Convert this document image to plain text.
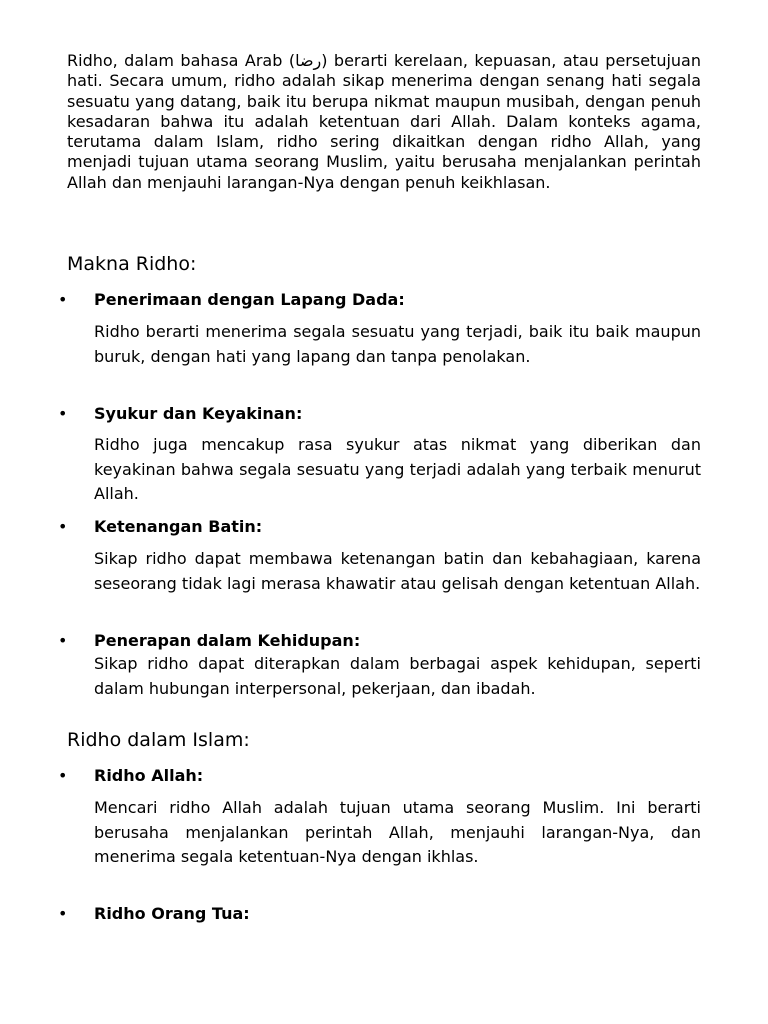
Ridho, dalam bahasa Arab (رضا) berarti kerelaan, kepuasan, atau persetujuan hati. Secara umum, ridho adalah sikap menerima dengan senang hati segala sesuatu yang datang, baik itu berupa nikmat maupun musibah, dengan penuh kesadaran bahwa itu adalah ketentuan dari Allah. Dalam konteks agama, terutama dalam Islam, ridho sering dikaitkan dengan ridho Allah, yang menjadi tujuan utama seorang Muslim, yaitu berusaha menjalankan perintah Allah dan menjauhi larangan-Nya dengan penuh keikhlasan.

Makna Ridho:
• Penerimaan dengan Lapang Dada:

Ridho berarti menerima segala sesuatu yang terjadi, baik itu baik maupun buruk, dengan hati yang lapang dan tanpa penolakan.

• Syukur dan Keyakinan:

Ridho juga mencakup rasa syukur atas nikmat yang diberikan dan keyakinan bahwa segala sesuatu yang terjadi adalah yang terbaik menurut Allah.

• Ketenangan Batin:

Sikap ridho dapat membawa ketenangan batin dan kebahagiaan, karena seseorang tidak lagi merasa khawatir atau gelisah dengan ketentuan Allah.

• Penerapan dalam Kehidupan:

Sikap ridho dapat diterapkan dalam berbagai aspek kehidupan, seperti dalam hubungan interpersonal, pekerjaan, dan ibadah.

Ridho dalam Islam:
• Ridho Allah:

Mencari ridho Allah adalah tujuan utama seorang Muslim. Ini berarti berusaha menjalankan perintah Allah, menjauhi larangan-Nya, dan menerima segala ketentuan-Nya dengan ikhlas.

• Ridho Orang Tua:
